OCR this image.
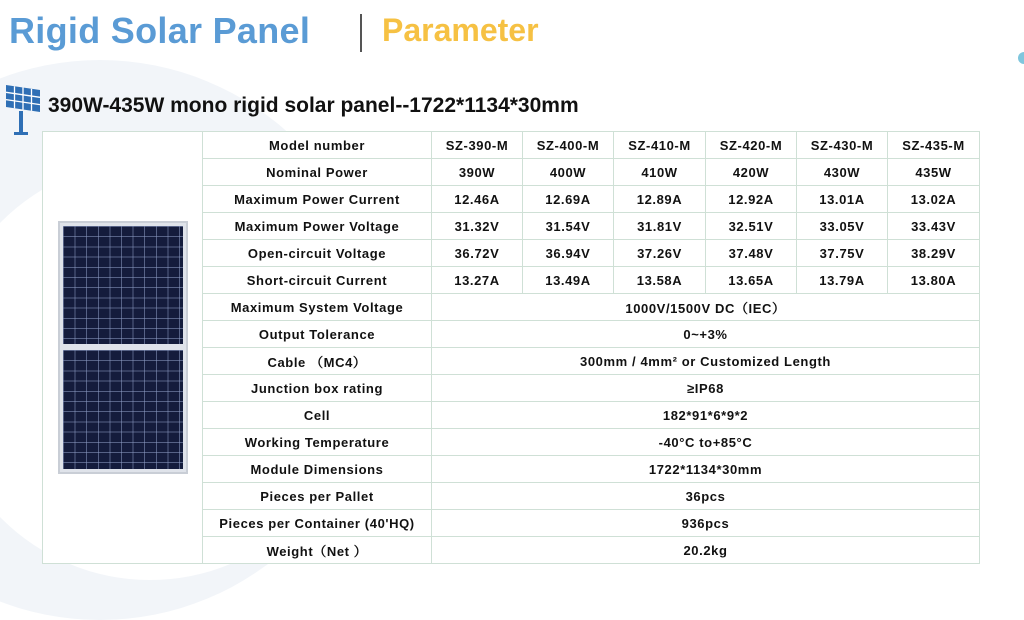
Rigid Solar Panel Parameter
390W-435W mono rigid solar panel--1722*1134*30mm
	Model number	SZ-390-M	SZ-400-M	SZ-410-M	SZ-420-M	SZ-430-M	SZ-435-M
	Nominal Power	390W	400W	410W	420W	430W	435W
	Maximum Power Current	12.46A	12.69A	12.89A	12.92A	13.01A	13.02A
	Maximum Power Voltage	31.32V	31.54V	31.81V	32.51V	33.05V	33.43V
	Open-circuit Voltage	36.72V	36.94V	37.26V	37.48V	37.75V	38.29V
	Short-circuit Current	13.27A	13.49A	13.58A	13.65A	13.79A	13.80A
	Maximum System Voltage	1000V/1500V DC（IEC）					
	Output Tolerance	0~+3%					
	Cable （MC4）	300mm / 4mm² or Customized Length					
	Junction box rating	≥IP68					
	Cell	182*91*6*9*2					
	Working Temperature	-40°C to+85°C					
	Module Dimensions	1722*1134*30mm					
	Pieces per Pallet	36pcs					
	Pieces per Container (40'HQ)	936pcs					
	Weight（Net ）	20.2kg					
